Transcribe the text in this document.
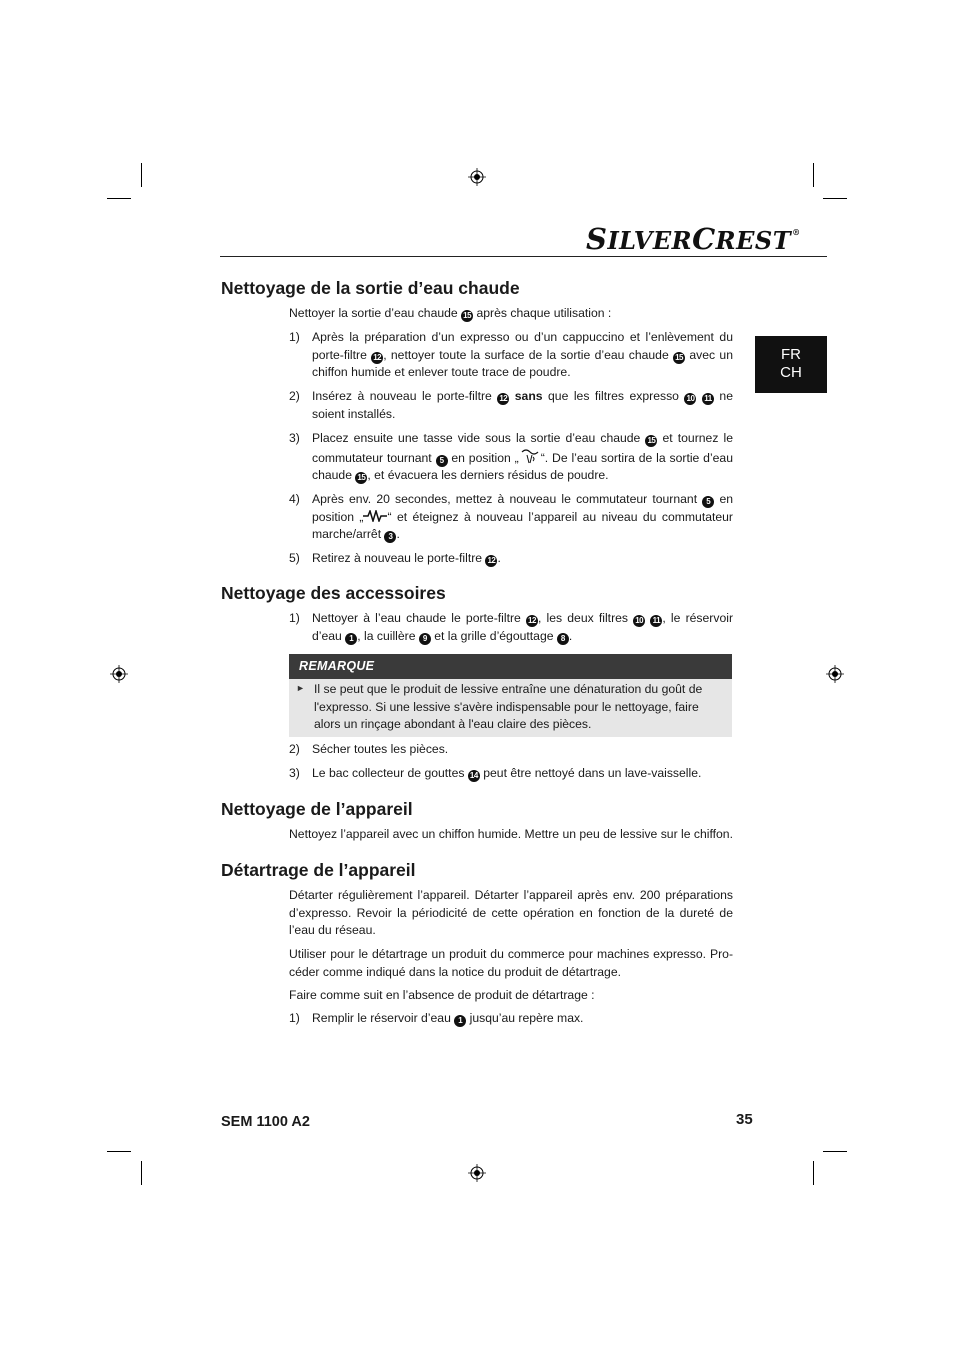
SILVERCREST®
FR
CH
Nettoyage de la sortie d’eau chaude

Nettoyer la sortie d’eau chaude 15 après chaque utilisation :

1) Après la préparation d’un expresso ou d’un cappuccino et l’enlèvement du porte-filtre 12 , nettoyer toute la surface de la sortie d’eau chaude 15 avec un chiffon humide et enlever toute trace de poudre.
2) Insérez à nouveau le porte-filtre 12 sans que les filtres expresso 10 11 ne soient installés.
3) Placez ensuite une tasse vide sous la sortie d’eau chaude 15 et tournez le commutateur tournant 5 en position „ “. De l’eau sortira de la sortie d’eau chaude 15 , et évacuera les derniers résidus de poudre.
4) Après env. 20 secondes, mettez à nouveau le commutateur tournant 5 en position „ “ et éteignez à nouveau l’appareil au niveau du commutateur marche/arrêt 3 .
5) Retirez à nouveau le porte-filtre 12 .
Nettoyage des accessoires
1) Nettoyer à l’eau chaude le porte-filtre 12 , les deux filtres 10 11 , le réservoir d’eau 1 , la cuillère 9 et la grille d’égouttage 8 .
REMARQUE
► Il se peut que le produit de lessive entraîne une dénaturation du goût de l'expresso. Si une lessive s'avère indispensable pour le nettoyage, faire alors un rinçage abondant à l'eau claire des pièces.
2) Sécher toutes les pièces.
3) Le bac collecteur de gouttes 14 peut être nettoyé dans un lave-vaisselle.
Nettoyage de l’appareil

Nettoyez l’appareil avec un chiffon humide. Mettre un peu de lessive sur le chiffon.

Détartrage de l’appareil

Détarter régulièrement l’appareil. Détarter l’appareil après env. 200 préparations d’expresso. Revoir la périodicité de cette opération en fonction de la dureté de l’eau du réseau.

Utiliser pour le détartrage un produit du commerce pour machines expresso. Procéder comme indiqué dans la notice du produit de détartrage.

Faire comme suit en l’absence de produit de détartrage :

1) Remplir le réservoir d’eau 1 jusqu’au repère max.
SEM 1100 A2	35
